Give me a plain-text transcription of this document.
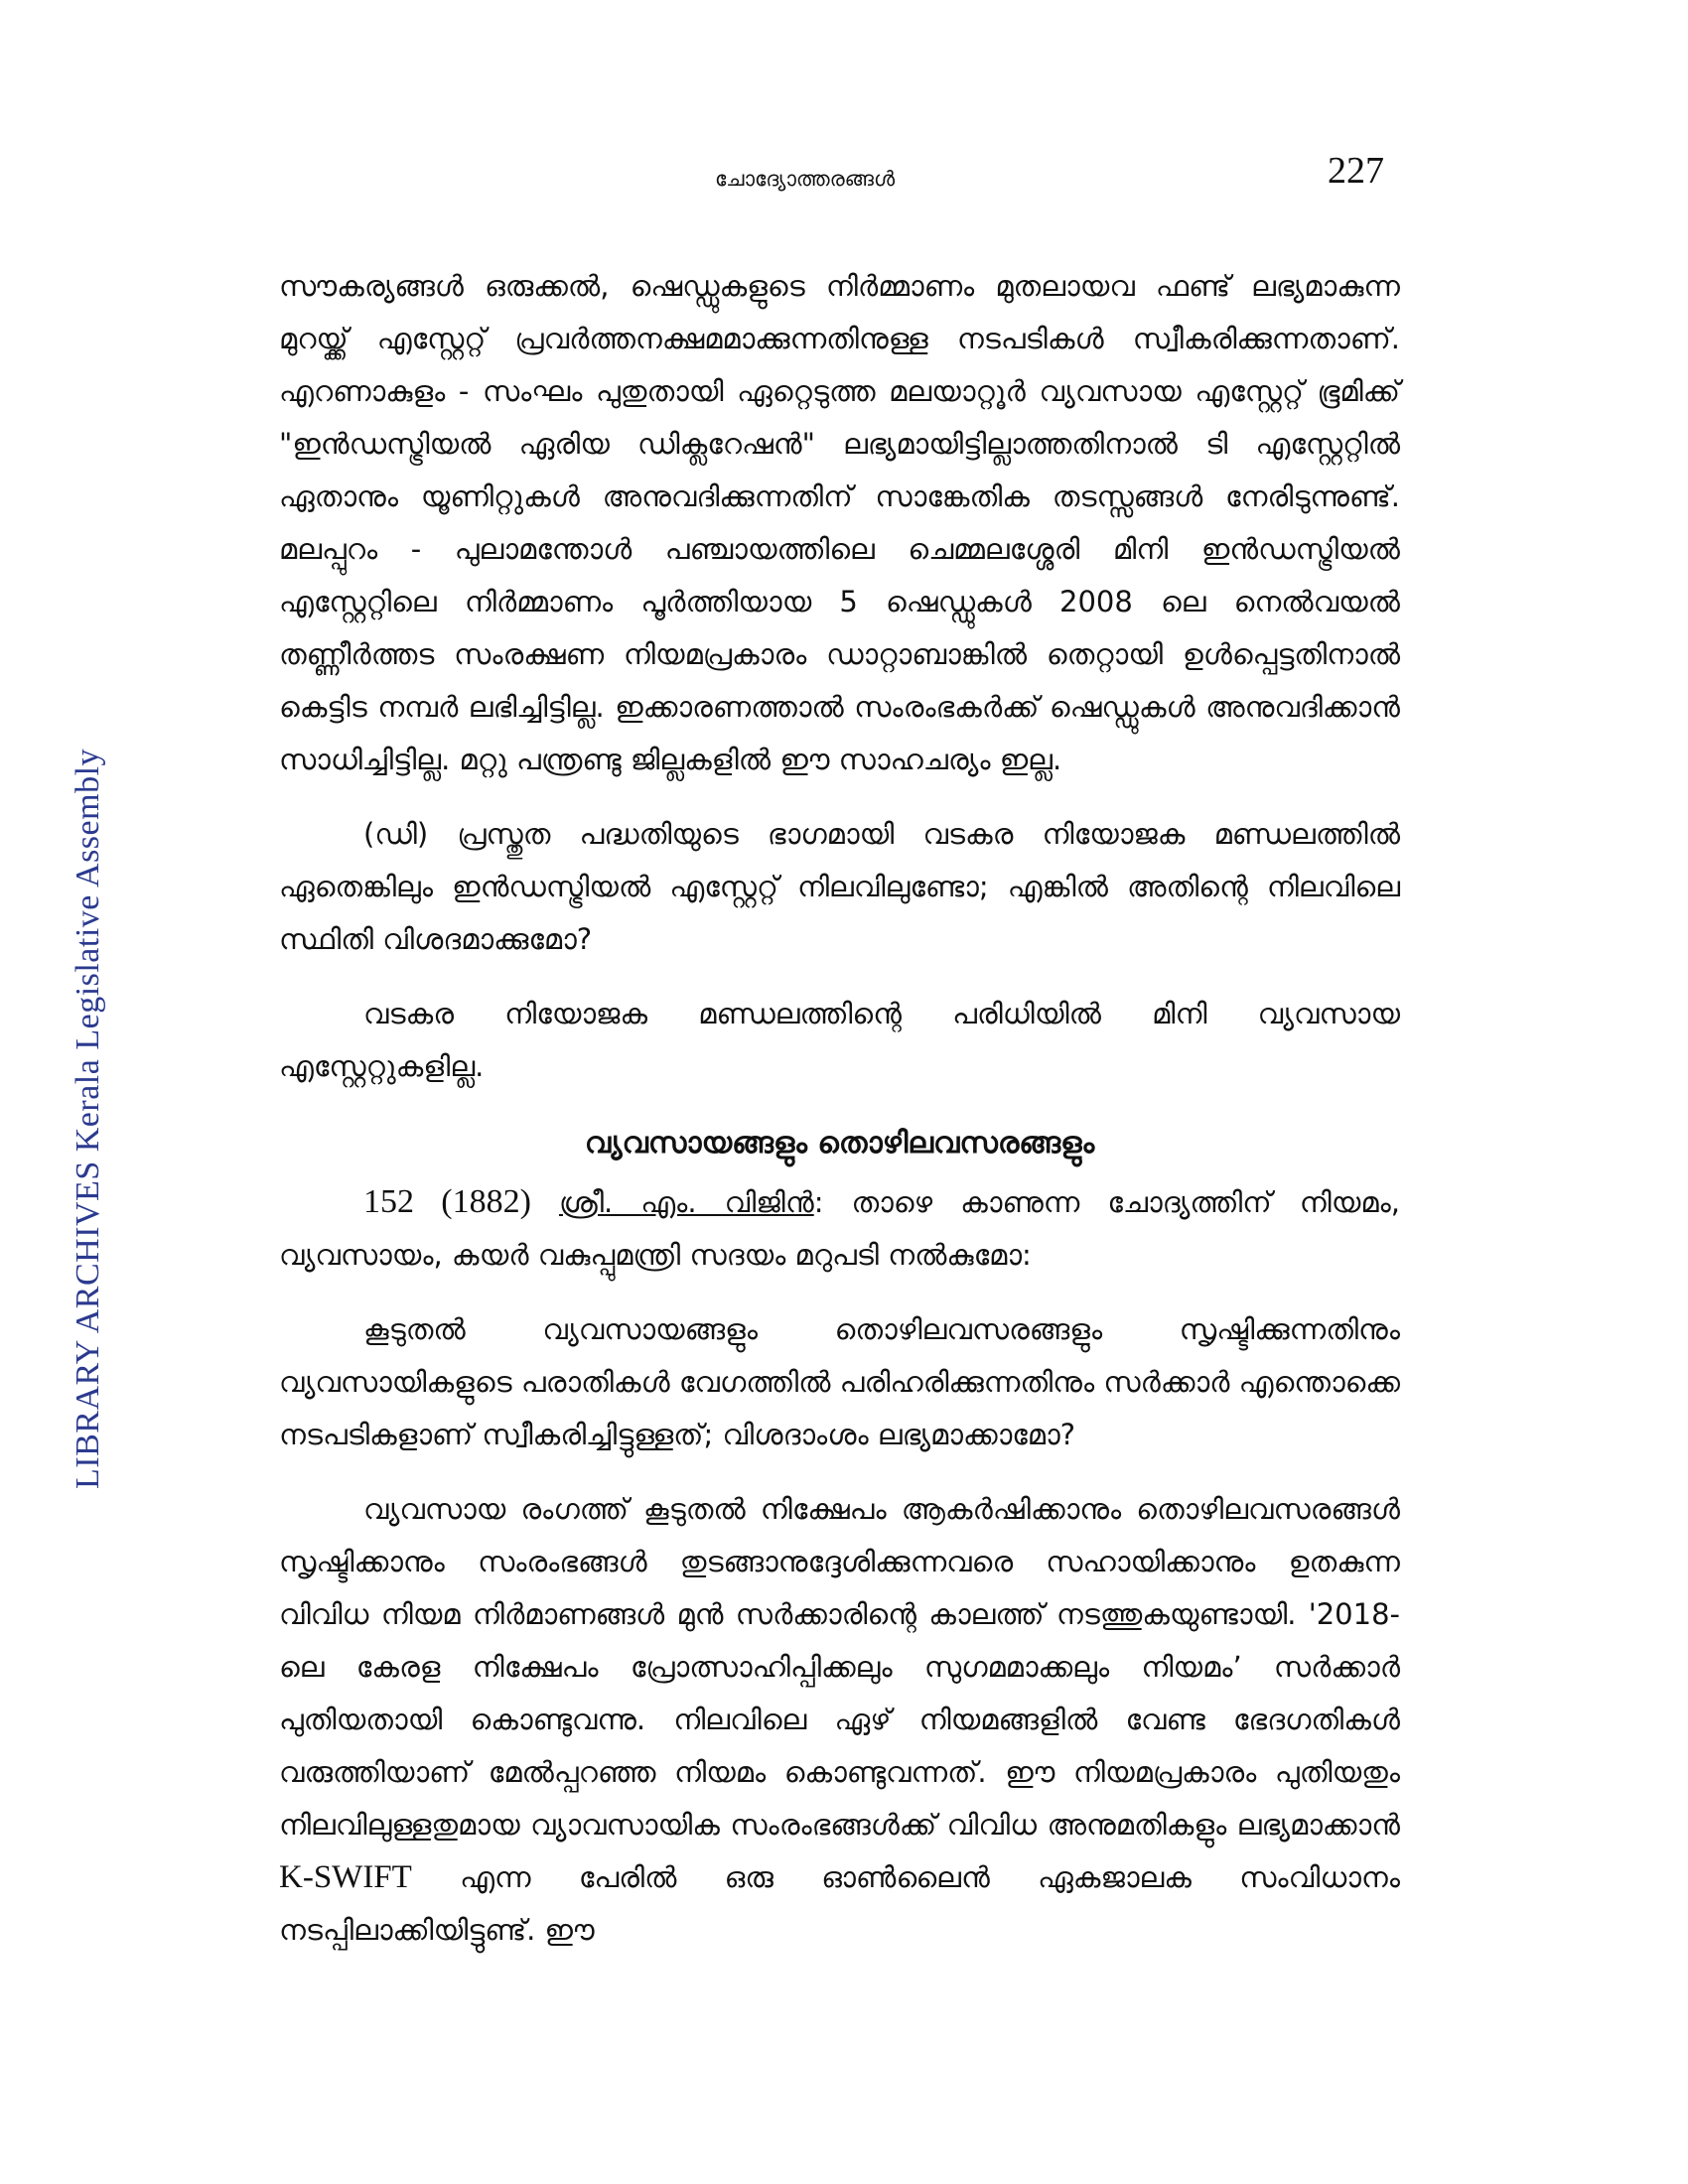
LIBRARY ARCHIVES Kerala Legislative Assembly
ചോദ്യോത്തരങ്ങൾ	227

സൗകര്യങ്ങൾ ഒരുക്കൽ, ഷെഡ്ഡുകളുടെ നിർമ്മാണം മുതലായവ ഫണ്ട് ലഭ്യമാകുന്ന മുറയ്ക്ക് എസ്റ്റേറ്റ് പ്രവർത്തനക്ഷമമാക്കുന്നതിനുള്ള നടപടികൾ സ്വീകരിക്കുന്നതാണ്. എറണാകുളം - സംഘം പുതുതായി ഏറ്റെടുത്ത മലയാറ്റൂർ വ്യവസായ എസ്റ്റേറ്റ് ഭൂമിക്ക് "ഇൻഡസ്ട്രിയൽ ഏരിയ ഡിക്ലറേഷൻ" ലഭ്യമായിട്ടില്ലാത്തതിനാൽ ടി എസ്റ്റേറ്റിൽ ഏതാനും യൂണിറ്റുകൾ അനുവദിക്കുന്നതിന് സാങ്കേതിക തടസ്സങ്ങൾ നേരിടുന്നുണ്ട്. മലപ്പുറം - പുലാമന്തോൾ പഞ്ചായത്തിലെ ചെമ്മലശ്ശേരി മിനി ഇൻഡസ്ട്രിയൽ എസ്റ്റേറ്റിലെ നിർമ്മാണം പൂർത്തിയായ 5 ഷെഡ്ഡുകൾ 2008 ലെ നെൽവയൽ തണ്ണീർത്തട സംരക്ഷണ നിയമപ്രകാരം ഡാറ്റാബാങ്കിൽ തെറ്റായി ഉൾപ്പെട്ടതിനാൽ കെട്ടിട നമ്പർ ലഭിച്ചിട്ടില്ല. ഇക്കാരണത്താൽ സംരംഭകർക്ക് ഷെഡ്ഡുകൾ അനുവദിക്കാൻ സാധിച്ചിട്ടില്ല. മറ്റു പന്ത്രണ്ടു ജില്ലകളിൽ ഈ സാഹചര്യം ഇല്ല.

(ഡി) പ്രസ്തുത പദ്ധതിയുടെ ഭാഗമായി വടകര നിയോജക മണ്ഡലത്തിൽ ഏതെങ്കിലും ഇൻഡസ്ട്രിയൽ എസ്റ്റേറ്റ് നിലവിലുണ്ടോ; എങ്കിൽ അതിന്റെ നിലവിലെ സ്ഥിതി വിശദമാക്കുമോ?

വടകര നിയോജക മണ്ഡലത്തിന്റെ പരിധിയിൽ മിനി വ്യവസായ എസ്റ്റേറ്റുകളില്ല.

വ്യവസായങ്ങളും തൊഴിലവസരങ്ങളും

152 (1882) ശ്രീ. എം. വിജിൻ: താഴെ കാണുന്ന ചോദ്യത്തിന് നിയമം, വ്യവസായം, കയർ വകുപ്പുമന്ത്രി സദയം മറുപടി നൽകുമോ:

കൂടുതൽ വ്യവസായങ്ങളും തൊഴിലവസരങ്ങളും സൃഷ്ടിക്കുന്നതിനും വ്യവസായികളുടെ പരാതികൾ വേഗത്തിൽ പരിഹരിക്കുന്നതിനും സർക്കാർ എന്തൊക്കെ നടപടികളാണ് സ്വീകരിച്ചിട്ടുള്ളത്; വിശദാംശം ലഭ്യമാക്കാമോ?

വ്യവസായ രംഗത്ത് കൂടുതൽ നിക്ഷേപം ആകർഷിക്കാനും തൊഴിലവസരങ്ങൾ സൃഷ്ടിക്കാനും സംരംഭങ്ങൾ തുടങ്ങാനുദ്ദേശിക്കുന്നവരെ സഹായിക്കാനും ഉതകുന്ന വിവിധ നിയമ നിർമാണങ്ങൾ മുൻ സർക്കാരിന്റെ കാലത്ത് നടത്തുകയുണ്ടായി. '2018-ലെ കേരള നിക്ഷേപം പ്രോത്സാഹിപ്പിക്കലും സുഗമമാക്കലും നിയമം’ സർക്കാർ പുതിയതായി കൊണ്ടുവന്നു. നിലവിലെ ഏഴ് നിയമങ്ങളിൽ വേണ്ട ഭേദഗതികൾ വരുത്തിയാണ് മേൽപ്പറഞ്ഞ നിയമം കൊണ്ടുവന്നത്. ഈ നിയമപ്രകാരം പുതിയതും നിലവിലുള്ളതുമായ വ്യാവസായിക സംരംഭങ്ങൾക്ക് വിവിധ അനുമതികളും ലഭ്യമാക്കാൻ K-SWIFT എന്ന പേരിൽ ഒരു ഓൺലൈൻ ഏകജാലക സംവിധാനം നടപ്പിലാക്കിയിട്ടുണ്ട്. ഈ
